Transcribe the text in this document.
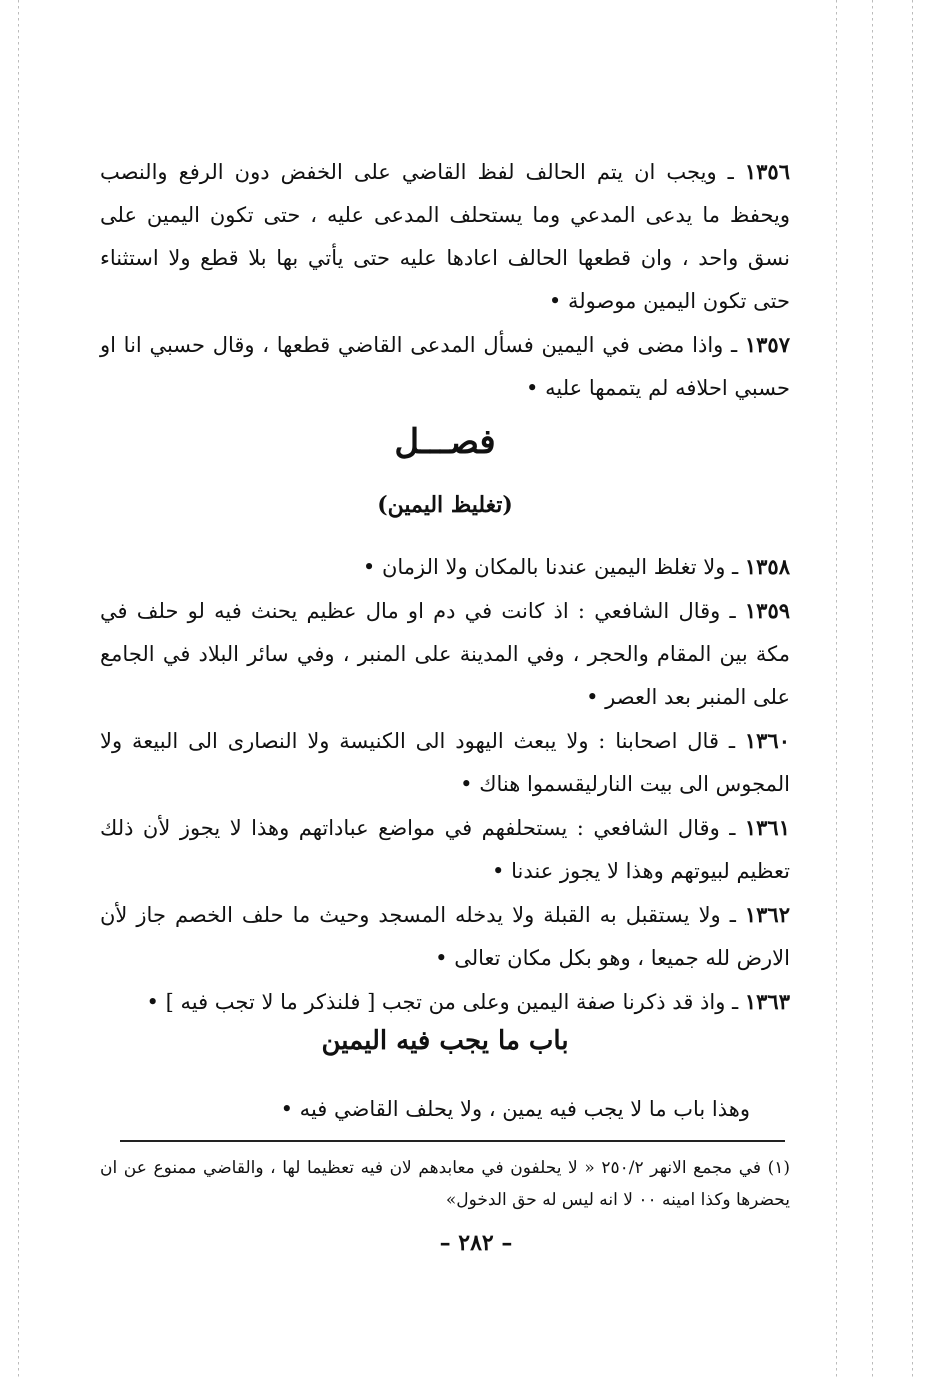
١٣٥٦ ـ ويجب ان يتم الحالف لفظ القاضي على الخفض دون الرفع والنصب ويحفظ ما يدعى المدعي وما يستحلف المدعى عليه ، حتى تكون اليمين على نسق واحد ، وان قطعها الحالف اعادها عليه حتى يأتي بها بلا قطع ولا استثناء حتى تكون اليمين موصولة •

١٣٥٧ ـ واذا مضى في اليمين فسأل المدعى القاضي قطعها ، وقال حسبي انا او حسبي احلافه لم يتممها عليه •

فصـــل
(تغليظ اليمين)

١٣٥٨ ـ ولا تغلظ اليمين عندنا بالمكان ولا الزمان •

١٣٥٩ ـ وقال الشافعي : اذ كانت في دم او مال عظيم يحنث فيه لو حلف في مكة بين المقام والحجر ، وفي المدينة على المنبر ، وفي سائر البلاد في الجامع على المنبر بعد العصر •

١٣٦٠ ـ قال اصحابنا : ولا يبعث اليهود الى الكنيسة ولا النصارى الى البيعة ولا المجوس الى بيت النارليقسموا هناك •

١٣٦١ ـ وقال الشافعي : يستحلفهم في مواضع عباداتهم وهذا لا يجوز لأن ذلك تعظيم لبيوتهم وهذا لا يجوز عندنا •

١٣٦٢ ـ ولا يستقبل به القبلة ولا يدخله المسجد وحيث ما حلف الخصم جاز لأن الارض لله جميعا ، وهو بكل مكان تعالى •

١٣٦٣ ـ واذ قد ذكرنا صفة اليمين وعلى من تجب [ فلنذكر ما لا تجب فيه ] •

باب ما يجب فيه اليمين
وهذا باب ما لا يجب فيه يمين ، ولا يحلف القاضي فيه •
(١) في مجمع الانهر ٢٥٠/٢ « لا يحلفون في معابدهم لان فيه تعظيما لها ، والقاضي ممنوع عن ان يحضرها وكذا امينه ٠٠ لا انه ليس له حق الدخول»
– ٢٨٢ –
